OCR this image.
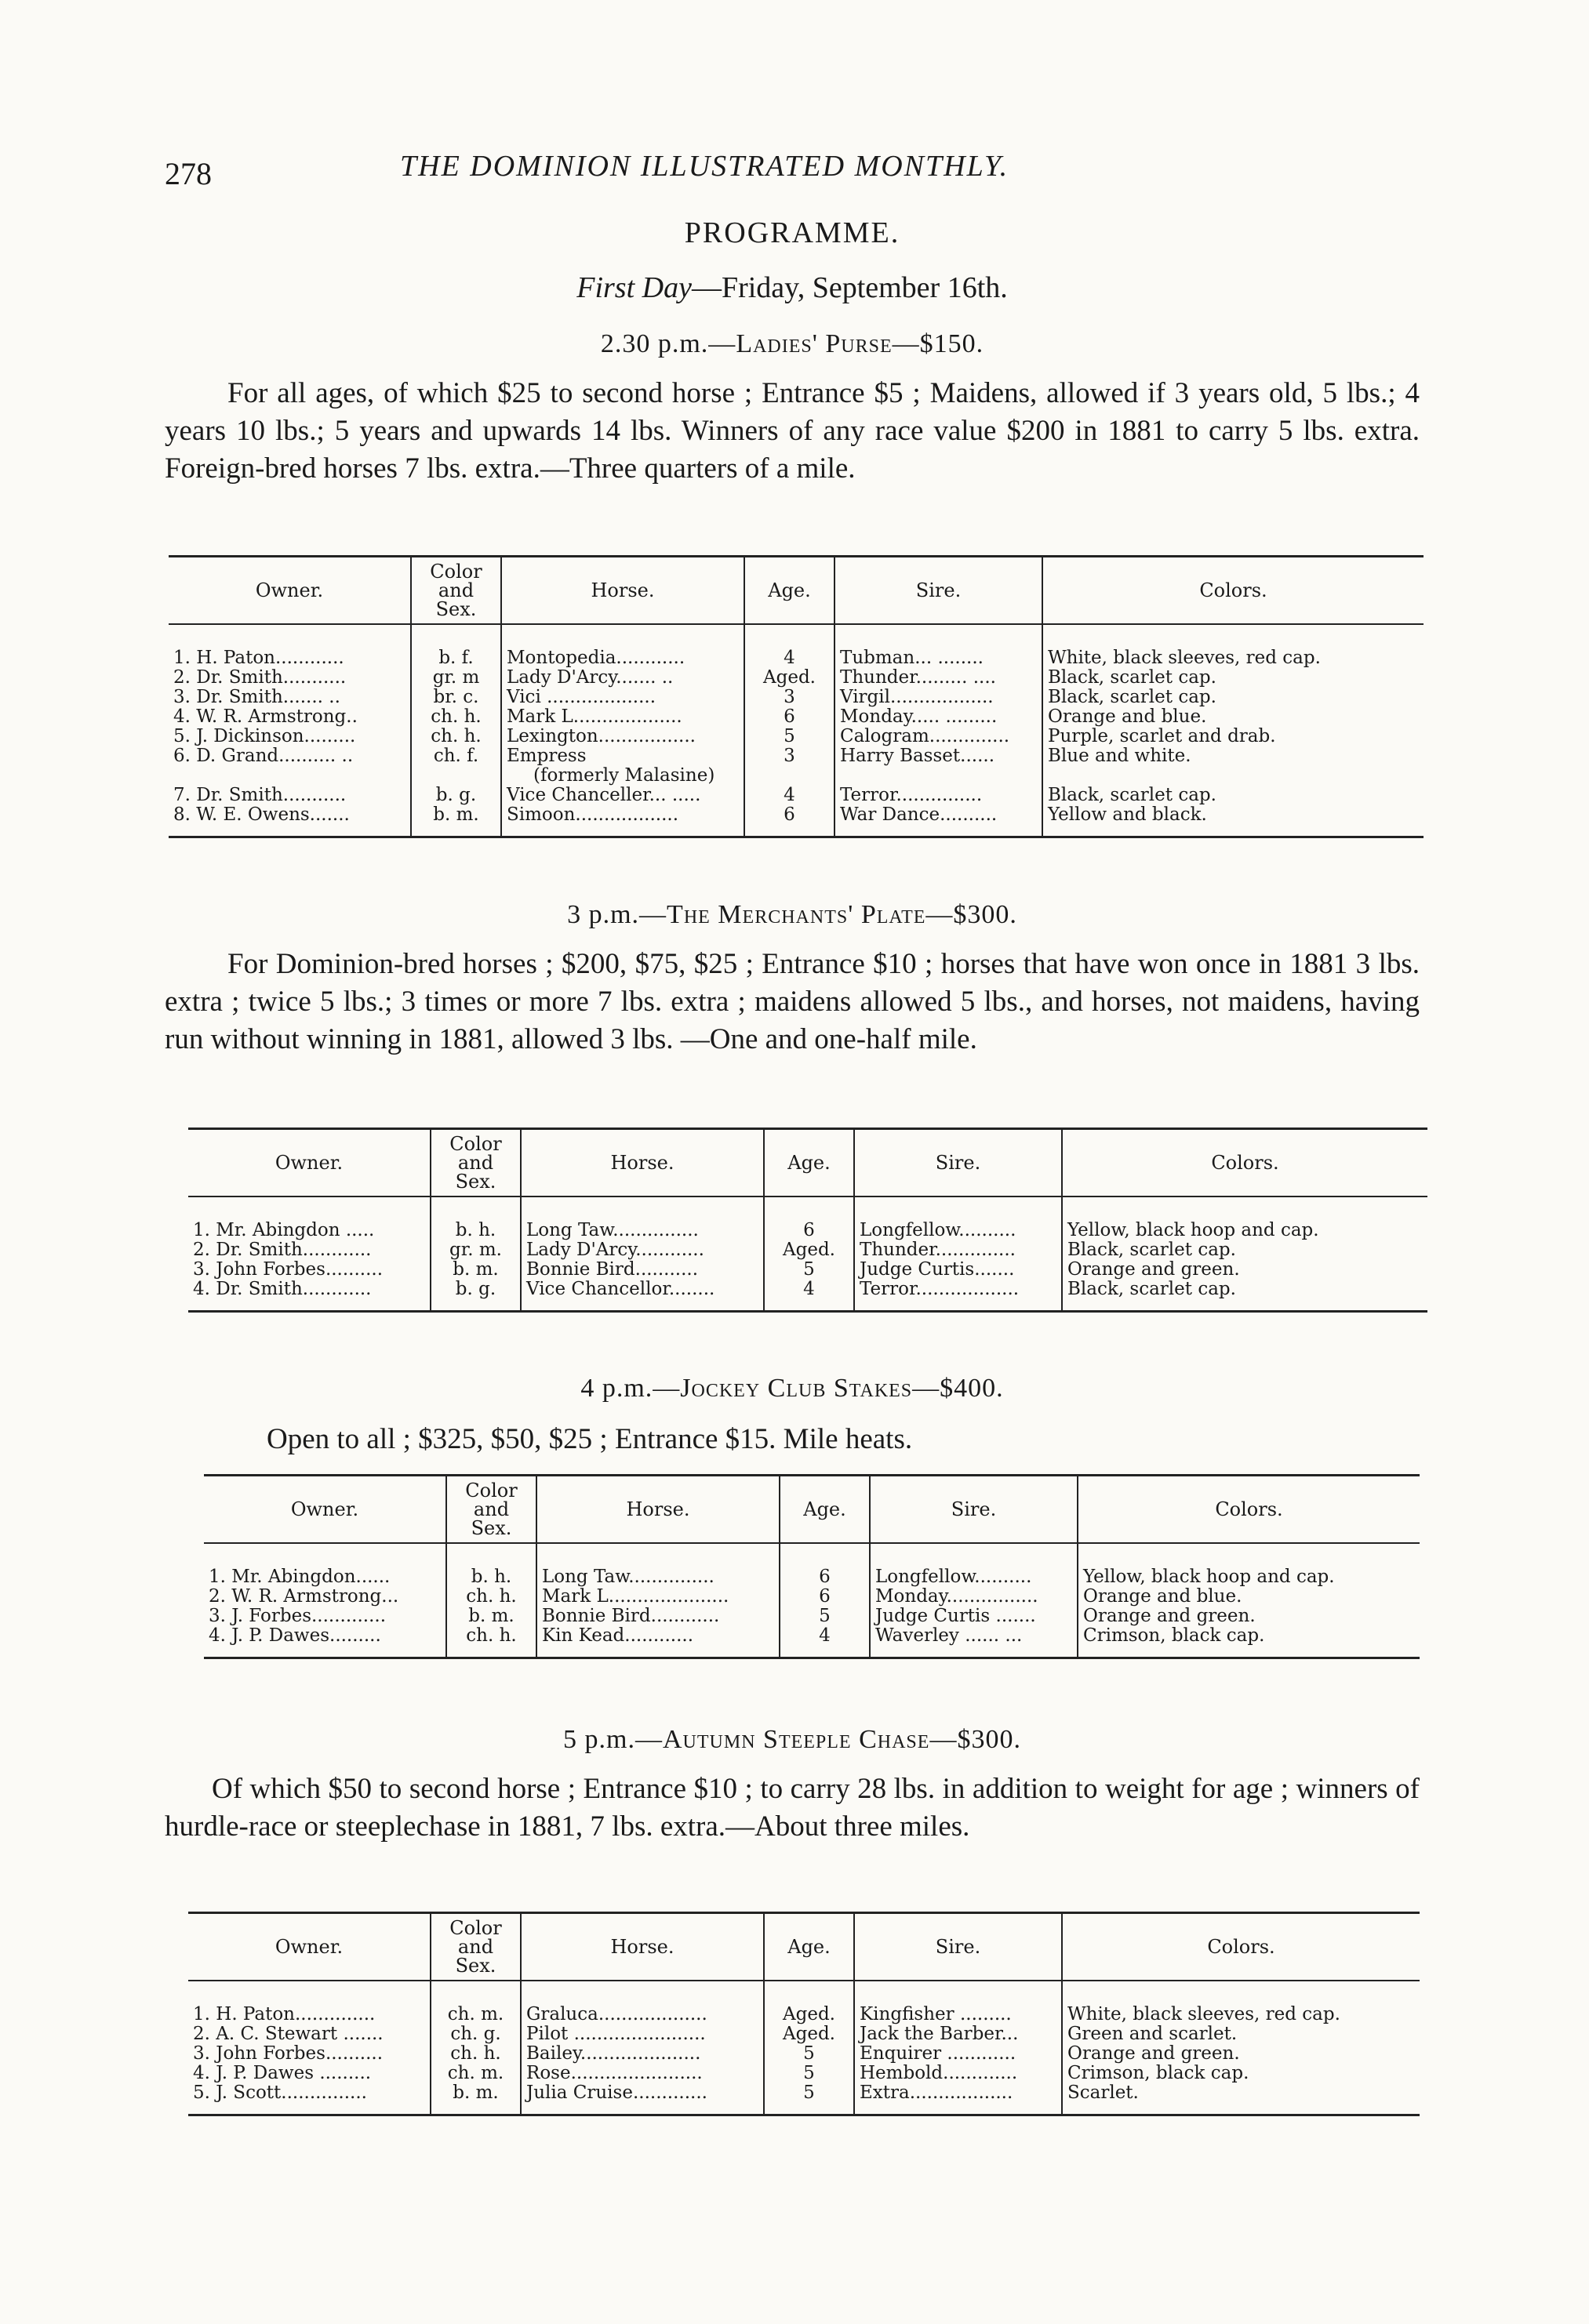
278	THE DOMINION ILLUSTRATED MONTHLY.
PROGRAMME.
First Day—Friday, September 16th.
2.30 p.m.—Ladies' Purse—$150.
For all ages, of which $25 to second horse ; Entrance $5 ; Maidens, allowed if 3 years old, 5 lbs.; 4 years 10 lbs.; 5 years and upwards 14 lbs. Winners of any race value $200 in 1881 to carry 5 lbs. extra. Foreign-bred horses 7 lbs. extra.—Three quarters of a mile.
Owner.	Color
and
Sex.	Horse.	Age.	Sire.	Colors.
1. H. Paton............	b. f.	Montopedia............	4	Tubman... ........	White, black sleeves, red cap.
2. Dr. Smith...........	gr. m	Lady D'Arcy....... ..	Aged.	Thunder......... ....	Black, scarlet cap.
3. Dr. Smith....... ..	br. c.	Vici ...................	3	Virgil..................	Black, scarlet cap.
4. W. R. Armstrong..	ch. h.	Mark L...................	6	Monday..... .........	Orange and blue.
5. J. Dickinson.........	ch. h.	Lexington.................	5	Calogram..............	Purple, scarlet and drab.
6. D. Grand.......... ..	ch. f.	Empress	3	Harry Basset......	Blue and white.
		(formerly Malasine)			
7. Dr. Smith...........	b. g.	Vice Chanceller... .....	4	Terror...............	Black, scarlet cap.
8. W. E. Owens.......	b. m.	Simoon..................	6	War Dance..........	Yellow and black.
3 p.m.—The Merchants' Plate—$300.
For Dominion-bred horses ; $200, $75, $25 ; Entrance $10 ; horses that have won once in 1881 3 lbs. extra ; twice 5 lbs.; 3 times or more 7 lbs. extra ; maidens allowed 5 lbs., and horses, not maidens, having run without winning in 1881, allowed 3 lbs. —One and one-half mile.
Owner.	Color
and
Sex.	Horse.	Age.	Sire.	Colors.
1. Mr. Abingdon .....	b. h.	Long Taw...............	6	Longfellow..........	Yellow, black hoop and cap.
2. Dr. Smith............	gr. m.	Lady D'Arcy............	Aged.	Thunder..............	Black, scarlet cap.
3. John Forbes..........	b. m.	Bonnie Bird...........	5	Judge Curtis.......	Orange and green.
4. Dr. Smith............	b. g.	Vice Chancellor........	4	Terror..................	Black, scarlet cap.
4 p.m.—Jockey Club Stakes—$400.
Open to all ; $325, $50, $25 ; Entrance $15. Mile heats.
Owner.	Color
and
Sex.	Horse.	Age.	Sire.	Colors.
1. Mr. Abingdon......	b. h.	Long Taw...............	6	Longfellow..........	Yellow, black hoop and cap.
2. W. R. Armstrong...	ch. h.	Mark L.....................	6	Monday................	Orange and blue.
3. J. Forbes.............	b. m.	Bonnie Bird............	5	Judge Curtis .......	Orange and green.
4. J. P. Dawes.........	ch. h.	Kin Kead............	4	Waverley ...... ...	Crimson, black cap.
5 p.m.—Autumn Steeple Chase—$300.
Of which $50 to second horse ; Entrance $10 ; to carry 28 lbs. in addition to weight for age ; winners of hurdle-race or steeplechase in 1881, 7 lbs. extra.—About three miles.
Owner.	Color
and
Sex.	Horse.	Age.	Sire.	Colors.
1. H. Paton..............	ch. m.	Graluca...................	Aged.	Kingfisher .........	White, black sleeves, red cap.
2. A. C. Stewart .......	ch. g.	Pilot .......................	Aged.	Jack the Barber...	Green and scarlet.
3. John Forbes..........	ch. h.	Bailey.....................	5	Enquirer ............	Orange and green.
4. J. P. Dawes .........	ch. m.	Rose.......................	5	Hembold.............	Crimson, black cap.
5. J. Scott...............	b. m.	Julia Cruise.............	5	Extra..................	Scarlet.
